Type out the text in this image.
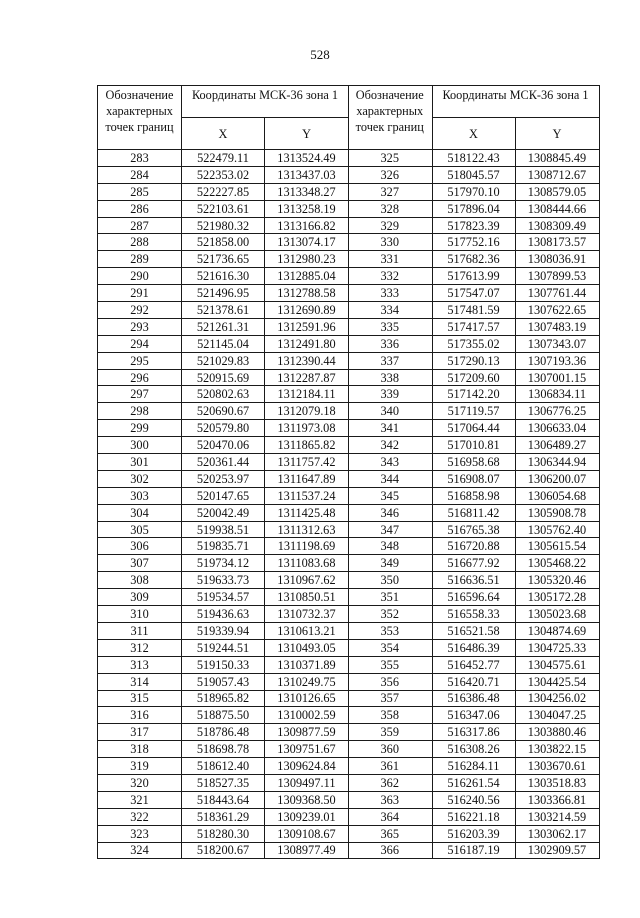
528
Обозначение характерных точек границ	Координаты МСК-36 зона 1	
	X	Y
283	522479.11	1313524.49
284	522353.02	1313437.03
285	522227.85	1313348.27
286	522103.61	1313258.19
287	521980.32	1313166.82
288	521858.00	1313074.17
289	521736.65	1312980.23
290	521616.30	1312885.04
291	521496.95	1312788.58
292	521378.61	1312690.89
293	521261.31	1312591.96
294	521145.04	1312491.80
295	521029.83	1312390.44
296	520915.69	1312287.87
297	520802.63	1312184.11
298	520690.67	1312079.18
299	520579.80	1311973.08
300	520470.06	1311865.82
301	520361.44	1311757.42
302	520253.97	1311647.89
303	520147.65	1311537.24
304	520042.49	1311425.48
305	519938.51	1311312.63
306	519835.71	1311198.69
307	519734.12	1311083.68
308	519633.73	1310967.62
309	519534.57	1310850.51
310	519436.63	1310732.37
311	519339.94	1310613.21
312	519244.51	1310493.05
313	519150.33	1310371.89
314	519057.43	1310249.75
315	518965.82	1310126.65
316	518875.50	1310002.59
317	518786.48	1309877.59
318	518698.78	1309751.67
319	518612.40	1309624.84
320	518527.35	1309497.11
321	518443.64	1309368.50
322	518361.29	1309239.01
323	518280.30	1309108.67
324	518200.67	1308977.49
Обозначение характерных точек границ	Координаты МСК-36 зона 1	
	X	Y
325	518122.43	1308845.49
326	518045.57	1308712.67
327	517970.10	1308579.05
328	517896.04	1308444.66
329	517823.39	1308309.49
330	517752.16	1308173.57
331	517682.36	1308036.91
332	517613.99	1307899.53
333	517547.07	1307761.44
334	517481.59	1307622.65
335	517417.57	1307483.19
336	517355.02	1307343.07
337	517290.13	1307193.36
338	517209.60	1307001.15
339	517142.20	1306834.11
340	517119.57	1306776.25
341	517064.44	1306633.04
342	517010.81	1306489.27
343	516958.68	1306344.94
344	516908.07	1306200.07
345	516858.98	1306054.68
346	516811.42	1305908.78
347	516765.38	1305762.40
348	516720.88	1305615.54
349	516677.92	1305468.22
350	516636.51	1305320.46
351	516596.64	1305172.28
352	516558.33	1305023.68
353	516521.58	1304874.69
354	516486.39	1304725.33
355	516452.77	1304575.61
356	516420.71	1304425.54
357	516386.48	1304256.02
358	516347.06	1304047.25
359	516317.86	1303880.46
360	516308.26	1303822.15
361	516284.11	1303670.61
362	516261.54	1303518.83
363	516240.56	1303366.81
364	516221.18	1303214.59
365	516203.39	1303062.17
366	516187.19	1302909.57
